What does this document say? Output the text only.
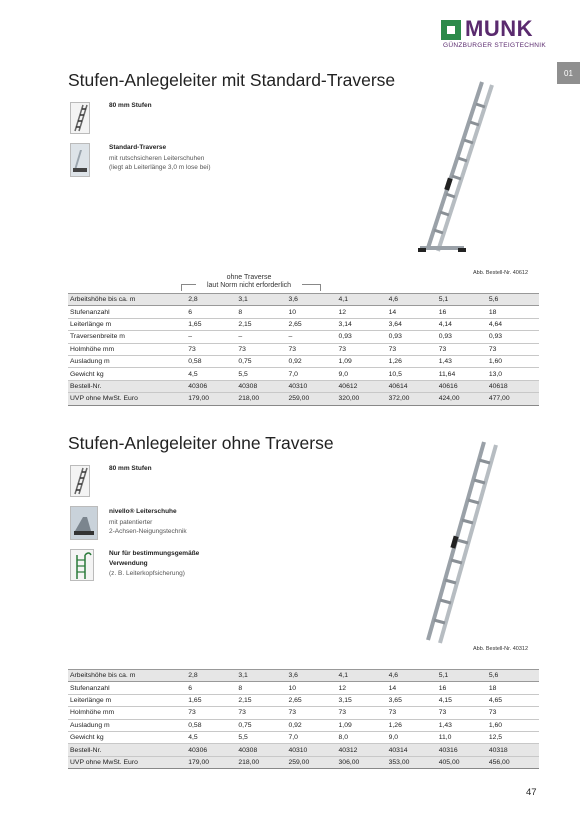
MUNK
GÜNZBURGER STEIGTECHNIK
01
Stufen-Anlegeleiter mit Standard-Traverse
80 mm Stufen
Standard-Traverse
mit rutschsicheren Leiterschuhen
(liegt ab Leiterlänge 3,0 m lose bei)
Abb. Bestell-Nr. 40612
ohne Traverse
laut Norm nicht erforderlich
Arbeitshöhe bis ca. m	2,8	3,1	3,6	4,1	4,6	5,1	5,6
Stufenanzahl	6	8	10	12	14	16	18
Leiterlänge m	1,65	2,15	2,65	3,14	3,64	4,14	4,64
Traversenbreite m	–	–	–	0,93	0,93	0,93	0,93
Holmhöhe mm	73	73	73	73	73	73	73
Ausladung m	0,58	0,75	0,92	1,09	1,26	1,43	1,60
Gewicht kg	4,5	5,5	7,0	9,0	10,5	11,64	13,0
Bestell-Nr.	40306	40308	40310	40612	40614	40616	40618
UVP ohne MwSt. Euro	179,00	218,00	259,00	320,00	372,00	424,00	477,00
Stufen-Anlegeleiter ohne Traverse
80 mm Stufen
nivello® Leiterschuhe
mit patentierter
2-Achsen-Neigungstechnik
Nur für bestimmungsgemäße
Verwendung
(z. B. Leiterkopfsicherung)
Abb. Bestell-Nr. 40312
Arbeitshöhe bis ca. m	2,8	3,1	3,6	4,1	4,6	5,1	5,6
Stufenanzahl	6	8	10	12	14	16	18
Leiterlänge m	1,65	2,15	2,65	3,15	3,65	4,15	4,65
Holmhöhe mm	73	73	73	73	73	73	73
Ausladung m	0,58	0,75	0,92	1,09	1,26	1,43	1,60
Gewicht kg	4,5	5,5	7,0	8,0	9,0	11,0	12,5
Bestell-Nr.	40306	40308	40310	40312	40314	40316	40318
UVP ohne MwSt. Euro	179,00	218,00	259,00	306,00	353,00	405,00	456,00
47
